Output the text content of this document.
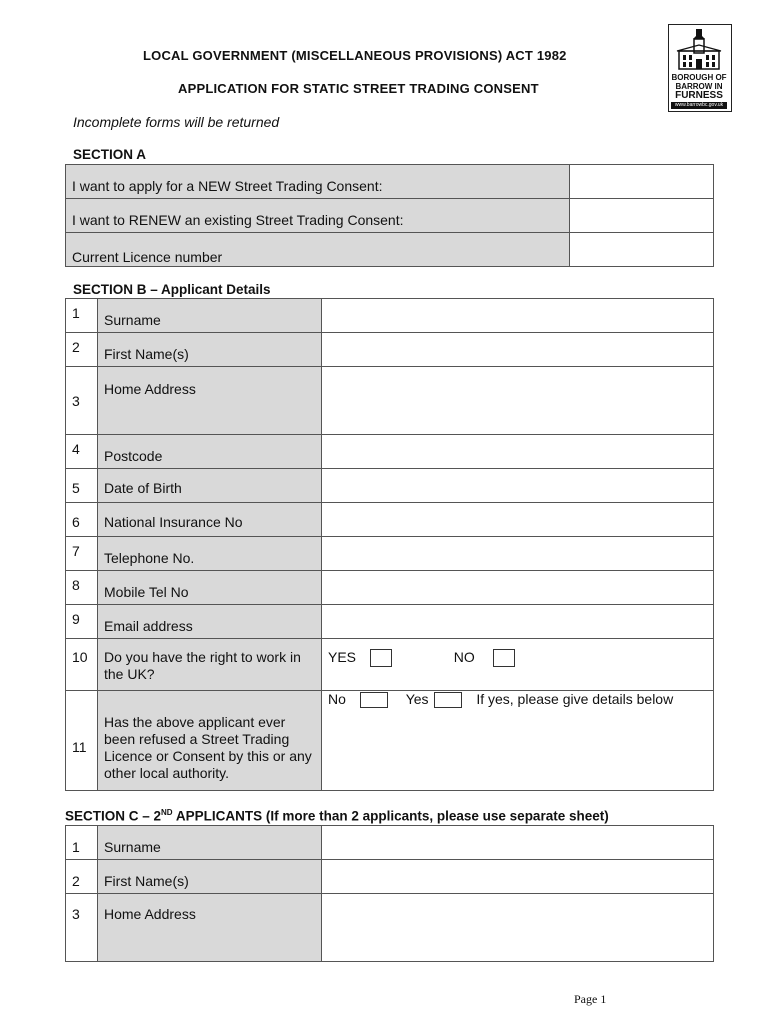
LOCAL GOVERNMENT (MISCELLANEOUS PROVISIONS) ACT 1982
APPLICATION FOR STATIC STREET TRADING CONSENT
Incomplete forms will be returned
BOROUGH OF
BARROW IN
FURNESS
www.barrowbc.gov.uk
SECTION A
I want to apply for a NEW Street Trading Consent:	

I want to RENEW an existing Street Trading Consent:	

Current Licence number	

SECTION B – Applicant Details
1	Surname	
2	First Name(s)	
3	Home Address	
4	Postcode	
5	Date of Birth	
6	National Insurance No	
7	Telephone No.	
8	Mobile Tel No	
9	Email address	
10	Do you have the right to work in the UK?	YES NO
11	Has the above applicant ever been refused a Street Trading Licence or Consent by this or any other local authority.	No Yes If yes, please give details below
SECTION C – 2ND APPLICANTS (If more than 2 applicants, please use separate sheet)
1	Surname	
2	First Name(s)	
3	Home Address	
Page 1
